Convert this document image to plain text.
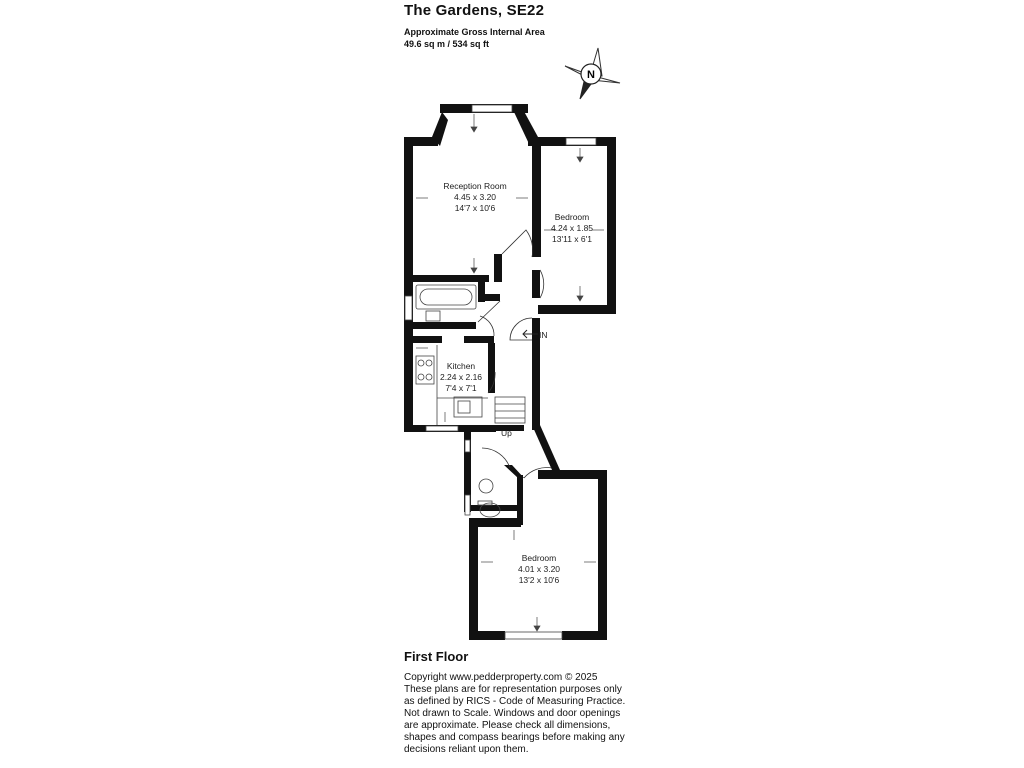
The Gardens, SE22
Approximate Gross Internal Area
49.6 sq m / 534 sq ft
N
IN
Up
Reception Room
4.45 x 3.20
14'7 x 10'6
Bedroom
4.24 x 1.85
13'11 x 6'1
Kitchen
2.24 x 2.16
7'4 x 7'1
Bedroom
4.01 x 3.20
13'2 x 10'6
First Floor
Copyright www.pedderproperty.com © 2025
These plans are for representation purposes only as defined by RICS - Code of Measuring Practice. Not drawn to Scale. Windows and door openings are approximate. Please check all dimensions, shapes and compass bearings before making any decisions reliant upon them.
